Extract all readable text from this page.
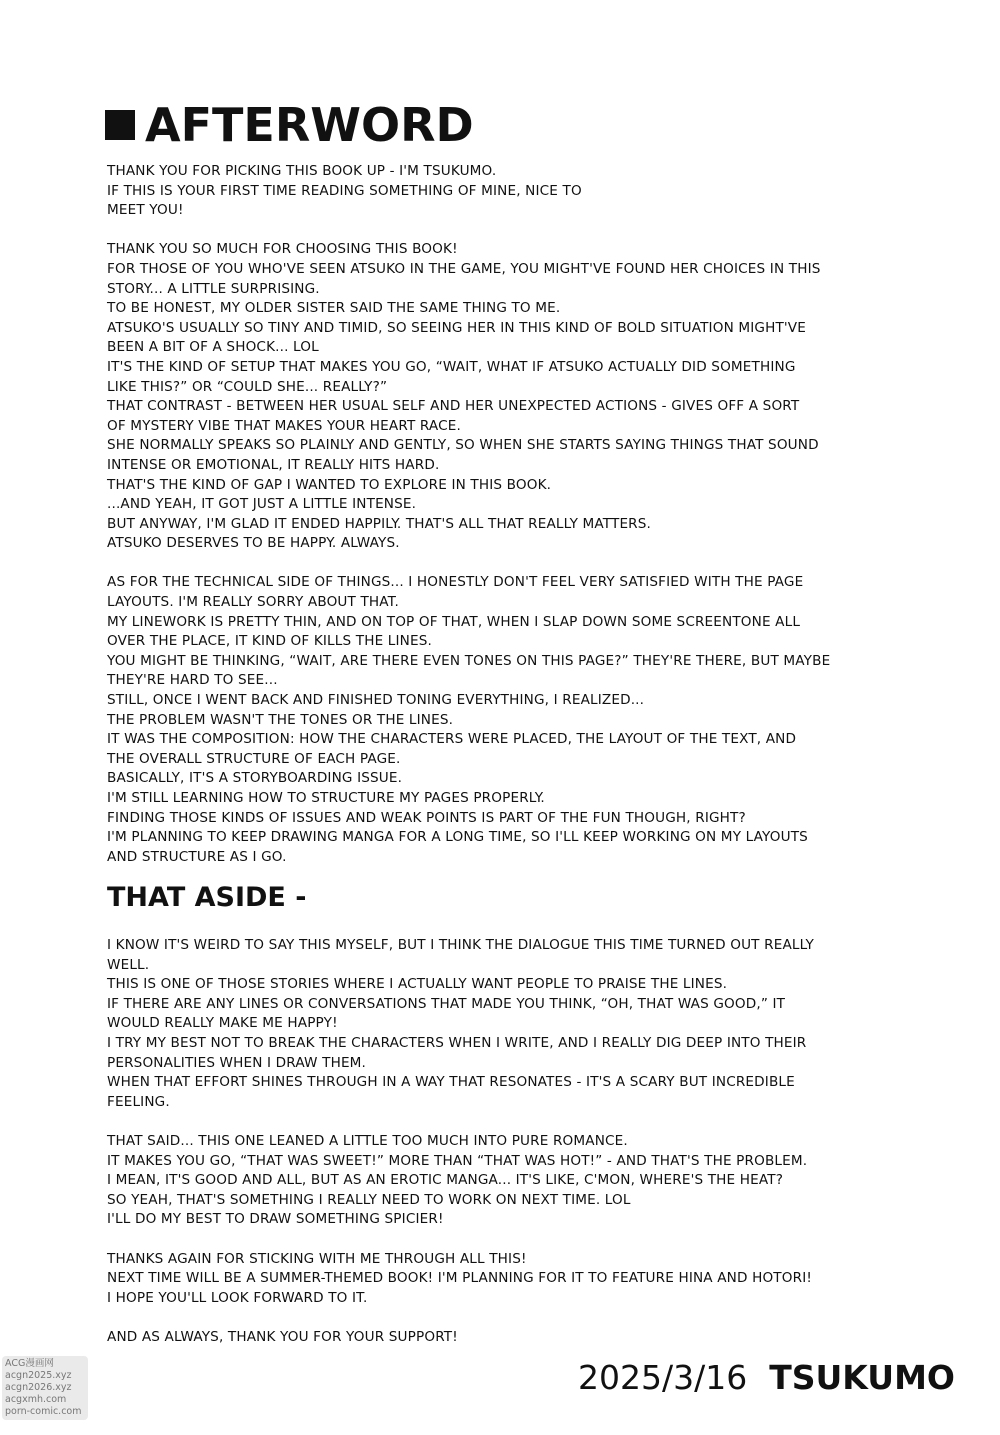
AFTERWORD
THANK YOU FOR PICKING THIS BOOK UP - I'M TSUKUMO.
IF THIS IS YOUR FIRST TIME READING SOMETHING OF MINE, NICE TO
MEET YOU!
THANK YOU SO MUCH FOR CHOOSING THIS BOOK!
FOR THOSE OF YOU WHO'VE SEEN ATSUKO IN THE GAME, YOU MIGHT'VE FOUND HER CHOICES IN THIS
STORY... A LITTLE SURPRISING.
TO BE HONEST, MY OLDER SISTER SAID THE SAME THING TO ME.
ATSUKO'S USUALLY SO TINY AND TIMID, SO SEEING HER IN THIS KIND OF BOLD SITUATION MIGHT'VE
BEEN A BIT OF A SHOCK... LOL
IT'S THE KIND OF SETUP THAT MAKES YOU GO, “WAIT, WHAT IF ATSUKO ACTUALLY DID SOMETHING
LIKE THIS?” OR “COULD SHE... REALLY?”
THAT CONTRAST - BETWEEN HER USUAL SELF AND HER UNEXPECTED ACTIONS - GIVES OFF A SORT
OF MYSTERY VIBE THAT MAKES YOUR HEART RACE.
SHE NORMALLY SPEAKS SO PLAINLY AND GENTLY, SO WHEN SHE STARTS SAYING THINGS THAT SOUND
INTENSE OR EMOTIONAL, IT REALLY HITS HARD.
THAT'S THE KIND OF GAP I WANTED TO EXPLORE IN THIS BOOK.
...AND YEAH, IT GOT JUST A LITTLE INTENSE.
BUT ANYWAY, I'M GLAD IT ENDED HAPPILY. THAT'S ALL THAT REALLY MATTERS.
ATSUKO DESERVES TO BE HAPPY. ALWAYS.
AS FOR THE TECHNICAL SIDE OF THINGS... I HONESTLY DON'T FEEL VERY SATISFIED WITH THE PAGE
LAYOUTS. I'M REALLY SORRY ABOUT THAT.
MY LINEWORK IS PRETTY THIN, AND ON TOP OF THAT, WHEN I SLAP DOWN SOME SCREENTONE ALL
OVER THE PLACE, IT KIND OF KILLS THE LINES.
YOU MIGHT BE THINKING, “WAIT, ARE THERE EVEN TONES ON THIS PAGE?” THEY'RE THERE, BUT MAYBE
THEY'RE HARD TO SEE...
STILL, ONCE I WENT BACK AND FINISHED TONING EVERYTHING, I REALIZED...
THE PROBLEM WASN'T THE TONES OR THE LINES.
IT WAS THE COMPOSITION: HOW THE CHARACTERS WERE PLACED, THE LAYOUT OF THE TEXT, AND
THE OVERALL STRUCTURE OF EACH PAGE.
BASICALLY, IT'S A STORYBOARDING ISSUE.
I'M STILL LEARNING HOW TO STRUCTURE MY PAGES PROPERLY.
FINDING THOSE KINDS OF ISSUES AND WEAK POINTS IS PART OF THE FUN THOUGH, RIGHT?
I'M PLANNING TO KEEP DRAWING MANGA FOR A LONG TIME, SO I'LL KEEP WORKING ON MY LAYOUTS
AND STRUCTURE AS I GO.
THAT ASIDE -
I KNOW IT'S WEIRD TO SAY THIS MYSELF, BUT I THINK THE DIALOGUE THIS TIME TURNED OUT REALLY
WELL.
THIS IS ONE OF THOSE STORIES WHERE I ACTUALLY WANT PEOPLE TO PRAISE THE LINES.
IF THERE ARE ANY LINES OR CONVERSATIONS THAT MADE YOU THINK, “OH, THAT WAS GOOD,” IT
WOULD REALLY MAKE ME HAPPY!
I TRY MY BEST NOT TO BREAK THE CHARACTERS WHEN I WRITE, AND I REALLY DIG DEEP INTO THEIR
PERSONALITIES WHEN I DRAW THEM.
WHEN THAT EFFORT SHINES THROUGH IN A WAY THAT RESONATES - IT'S A SCARY BUT INCREDIBLE
FEELING.
THAT SAID... THIS ONE LEANED A LITTLE TOO MUCH INTO PURE ROMANCE.
IT MAKES YOU GO, “THAT WAS SWEET!” MORE THAN “THAT WAS HOT!” - AND THAT'S THE PROBLEM.
I MEAN, IT'S GOOD AND ALL, BUT AS AN EROTIC MANGA... IT'S LIKE, C'MON, WHERE'S THE HEAT?
SO YEAH, THAT'S SOMETHING I REALLY NEED TO WORK ON NEXT TIME. LOL
I'LL DO MY BEST TO DRAW SOMETHING SPICIER!
THANKS AGAIN FOR STICKING WITH ME THROUGH ALL THIS!
NEXT TIME WILL BE A SUMMER-THEMED BOOK! I'M PLANNING FOR IT TO FEATURE HINA AND HOTORI!
I HOPE YOU'LL LOOK FORWARD TO IT.
AND AS ALWAYS, THANK YOU FOR YOUR SUPPORT!
2025/3/16 TSUKUMO
ACG漫画网
acgn2025.xyz
acgn2026.xyz
acgxmh.com
porn-comic.com
